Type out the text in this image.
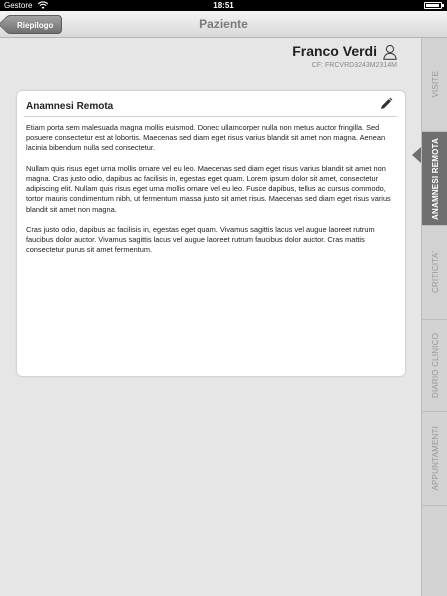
Gestore	18:51
Riepilogo	Paziente
Franco Verdi
CF: FRCVRD3243M2314M
Anamnesi Remota

Etiam porta sem malesuada magna mollis euismod. Donec ullamcorper nulla non metus auctor fringilla. Sed posuere consectetur est at lobortis. Maecenas sed diam eget risus varius blandit sit amet non magna. Aenean lacinia bibendum nulla sed consectetur.

Nullam quis risus eget urna mollis ornare vel eu leo. Maecenas sed diam eget risus varius blandit sit amet non magna. Cras justo odio, dapibus ac facilisis in, egestas eget quam. Lorem ipsum dolor sit amet, consectetur adipiscing elit. Nullam quis risus eget urna mollis ornare vel eu leo. Fusce dapibus, tellus ac cursus commodo, tortor mauris condimentum nibh, ut fermentum massa justo sit amet risus. Maecenas sed diam eget risus varius blandit sit amet non magna.

Cras justo odio, dapibus ac facilisis in, egestas eget quam. Vivamus sagittis lacus vel augue laoreet rutrum faucibus dolor auctor. Vivamus sagittis lacus vel augue laoreet rutrum faucibus dolor auctor. Cras mattis consectetur purus sit amet fermentum.

VISITE
ANAMNESI REMOTA
CRITICITA'
DIARIO CLINICO
APPUNTAMENTI
